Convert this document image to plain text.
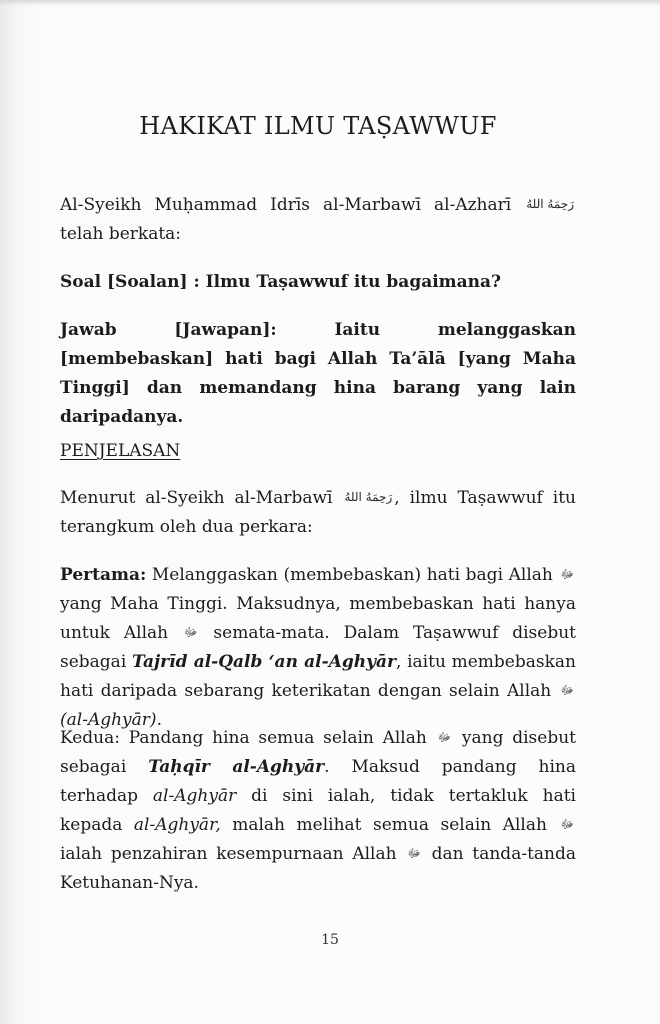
HAKIKAT ILMU TAṢAWWUF

Al-Syeikh Muḥammad Idrīs al-Marbawī al-Azharī رَحِمَهُ اللهُ telah berkata:

Soal [Soalan] : Ilmu Taṣawwuf itu bagaimana?

Jawab [Jawapan]: Iaitu melanggaskan [membebaskan] hati bagi Allah Ta’ālā [yang Maha Tinggi] dan memandang hina barang yang lain daripadanya.

PENJELASAN

Menurut al-Syeikh al-Marbawī رَحِمَهُ اللهُ , ilmu Taṣawwuf itu terangkum oleh dua perkara:

Pertama: Melanggaskan (membebaskan) hati bagi Allah ﷻ yang Maha Tinggi. Maksudnya, membebaskan hati hanya untuk Allah ﷻ semata-mata. Dalam Taṣawwuf disebut sebagai Tajrīd al-Qalb ‘an al-Aghyār, iaitu membebaskan hati daripada sebarang keterikatan dengan selain Allah ﷻ (al-Aghyār).

Kedua: Pandang hina semua selain Allah ﷻ yang disebut sebagai Taḥqīr al-Aghyār. Maksud pandang hina terhadap al-Aghyār di sini ialah, tidak tertakluk hati kepada al-Aghyār, malah melihat semua selain Allah ﷻ ialah penzahiran kesempurnaan Allah ﷻ dan tanda-tanda Ketuhanan-Nya.

15
